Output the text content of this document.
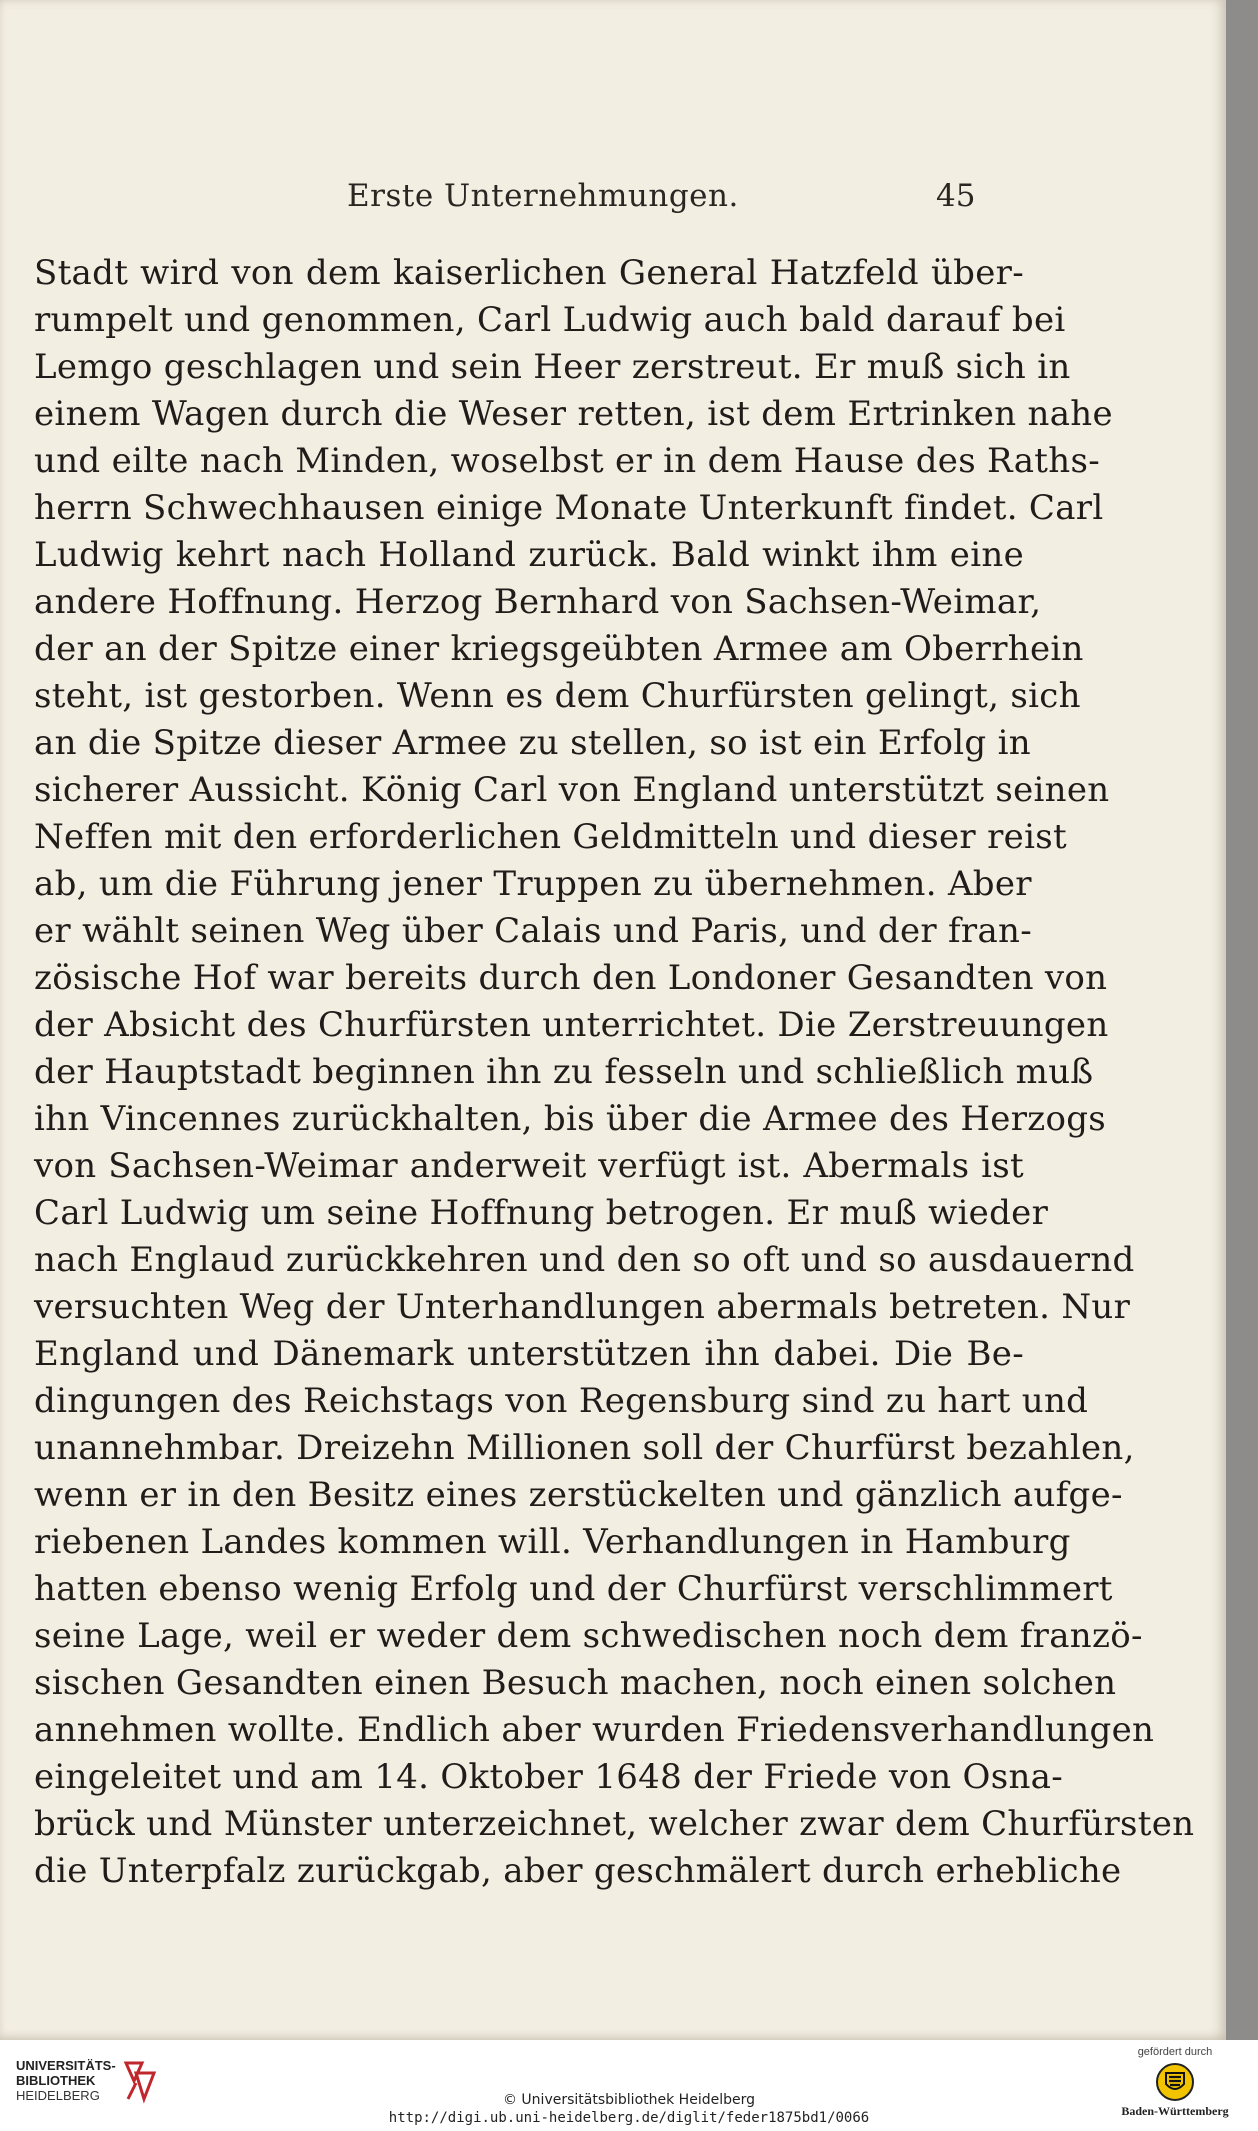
Erste Unternehmungen.	45
Stadt wird von dem kaiserlichen General Hatzfeld über-
rumpelt und genommen, Carl Ludwig auch bald darauf bei
Lemgo geschlagen und sein Heer zerstreut. Er muß sich in
einem Wagen durch die Weser retten, ist dem Ertrinken nahe
und eilte nach Minden, woselbst er in dem Hause des Raths-
herrn Schwechhausen einige Monate Unterkunft findet. Carl
Ludwig kehrt nach Holland zurück. Bald winkt ihm eine
andere Hoffnung. Herzog Bernhard von Sachsen-Weimar,
der an der Spitze einer kriegsgeübten Armee am Oberrhein
steht, ist gestorben. Wenn es dem Churfürsten gelingt, sich
an die Spitze dieser Armee zu stellen, so ist ein Erfolg in
sicherer Aussicht. König Carl von England unterstützt seinen
Neffen mit den erforderlichen Geldmitteln und dieser reist
ab, um die Führung jener Truppen zu übernehmen. Aber
er wählt seinen Weg über Calais und Paris, und der fran-
zösische Hof war bereits durch den Londoner Gesandten von
der Absicht des Churfürsten unterrichtet. Die Zerstreuungen
der Hauptstadt beginnen ihn zu fesseln und schließlich muß
ihn Vincennes zurückhalten, bis über die Armee des Herzogs
von Sachsen-Weimar anderweit verfügt ist. Abermals ist
Carl Ludwig um seine Hoffnung betrogen. Er muß wieder
nach Englaud zurückkehren und den so oft und so ausdauernd
versuchten Weg der Unterhandlungen abermals betreten. Nur
England und Dänemark unterstützen ihn dabei. Die Be-
dingungen des Reichstags von Regensburg sind zu hart und
unannehmbar. Dreizehn Millionen soll der Churfürst bezahlen,
wenn er in den Besitz eines zerstückelten und gänzlich aufge-
riebenen Landes kommen will. Verhandlungen in Hamburg
hatten ebenso wenig Erfolg und der Churfürst verschlimmert
seine Lage, weil er weder dem schwedischen noch dem franzö-
sischen Gesandten einen Besuch machen, noch einen solchen
annehmen wollte. Endlich aber wurden Friedensverhandlungen
eingeleitet und am 14. Oktober 1648 der Friede von Osna-
brück und Münster unterzeichnet, welcher zwar dem Churfürsten
die Unterpfalz zurückgab, aber geschmälert durch erhebliche
UNIVERSITÄTS-
BIBLIOTHEK
HEIDELBERG	© Universitätsbibliothek Heidelberg
http://digi.ub.uni-heidelberg.de/diglit/feder1875bd1/0066
gefördert durch
Baden-Württemberg
